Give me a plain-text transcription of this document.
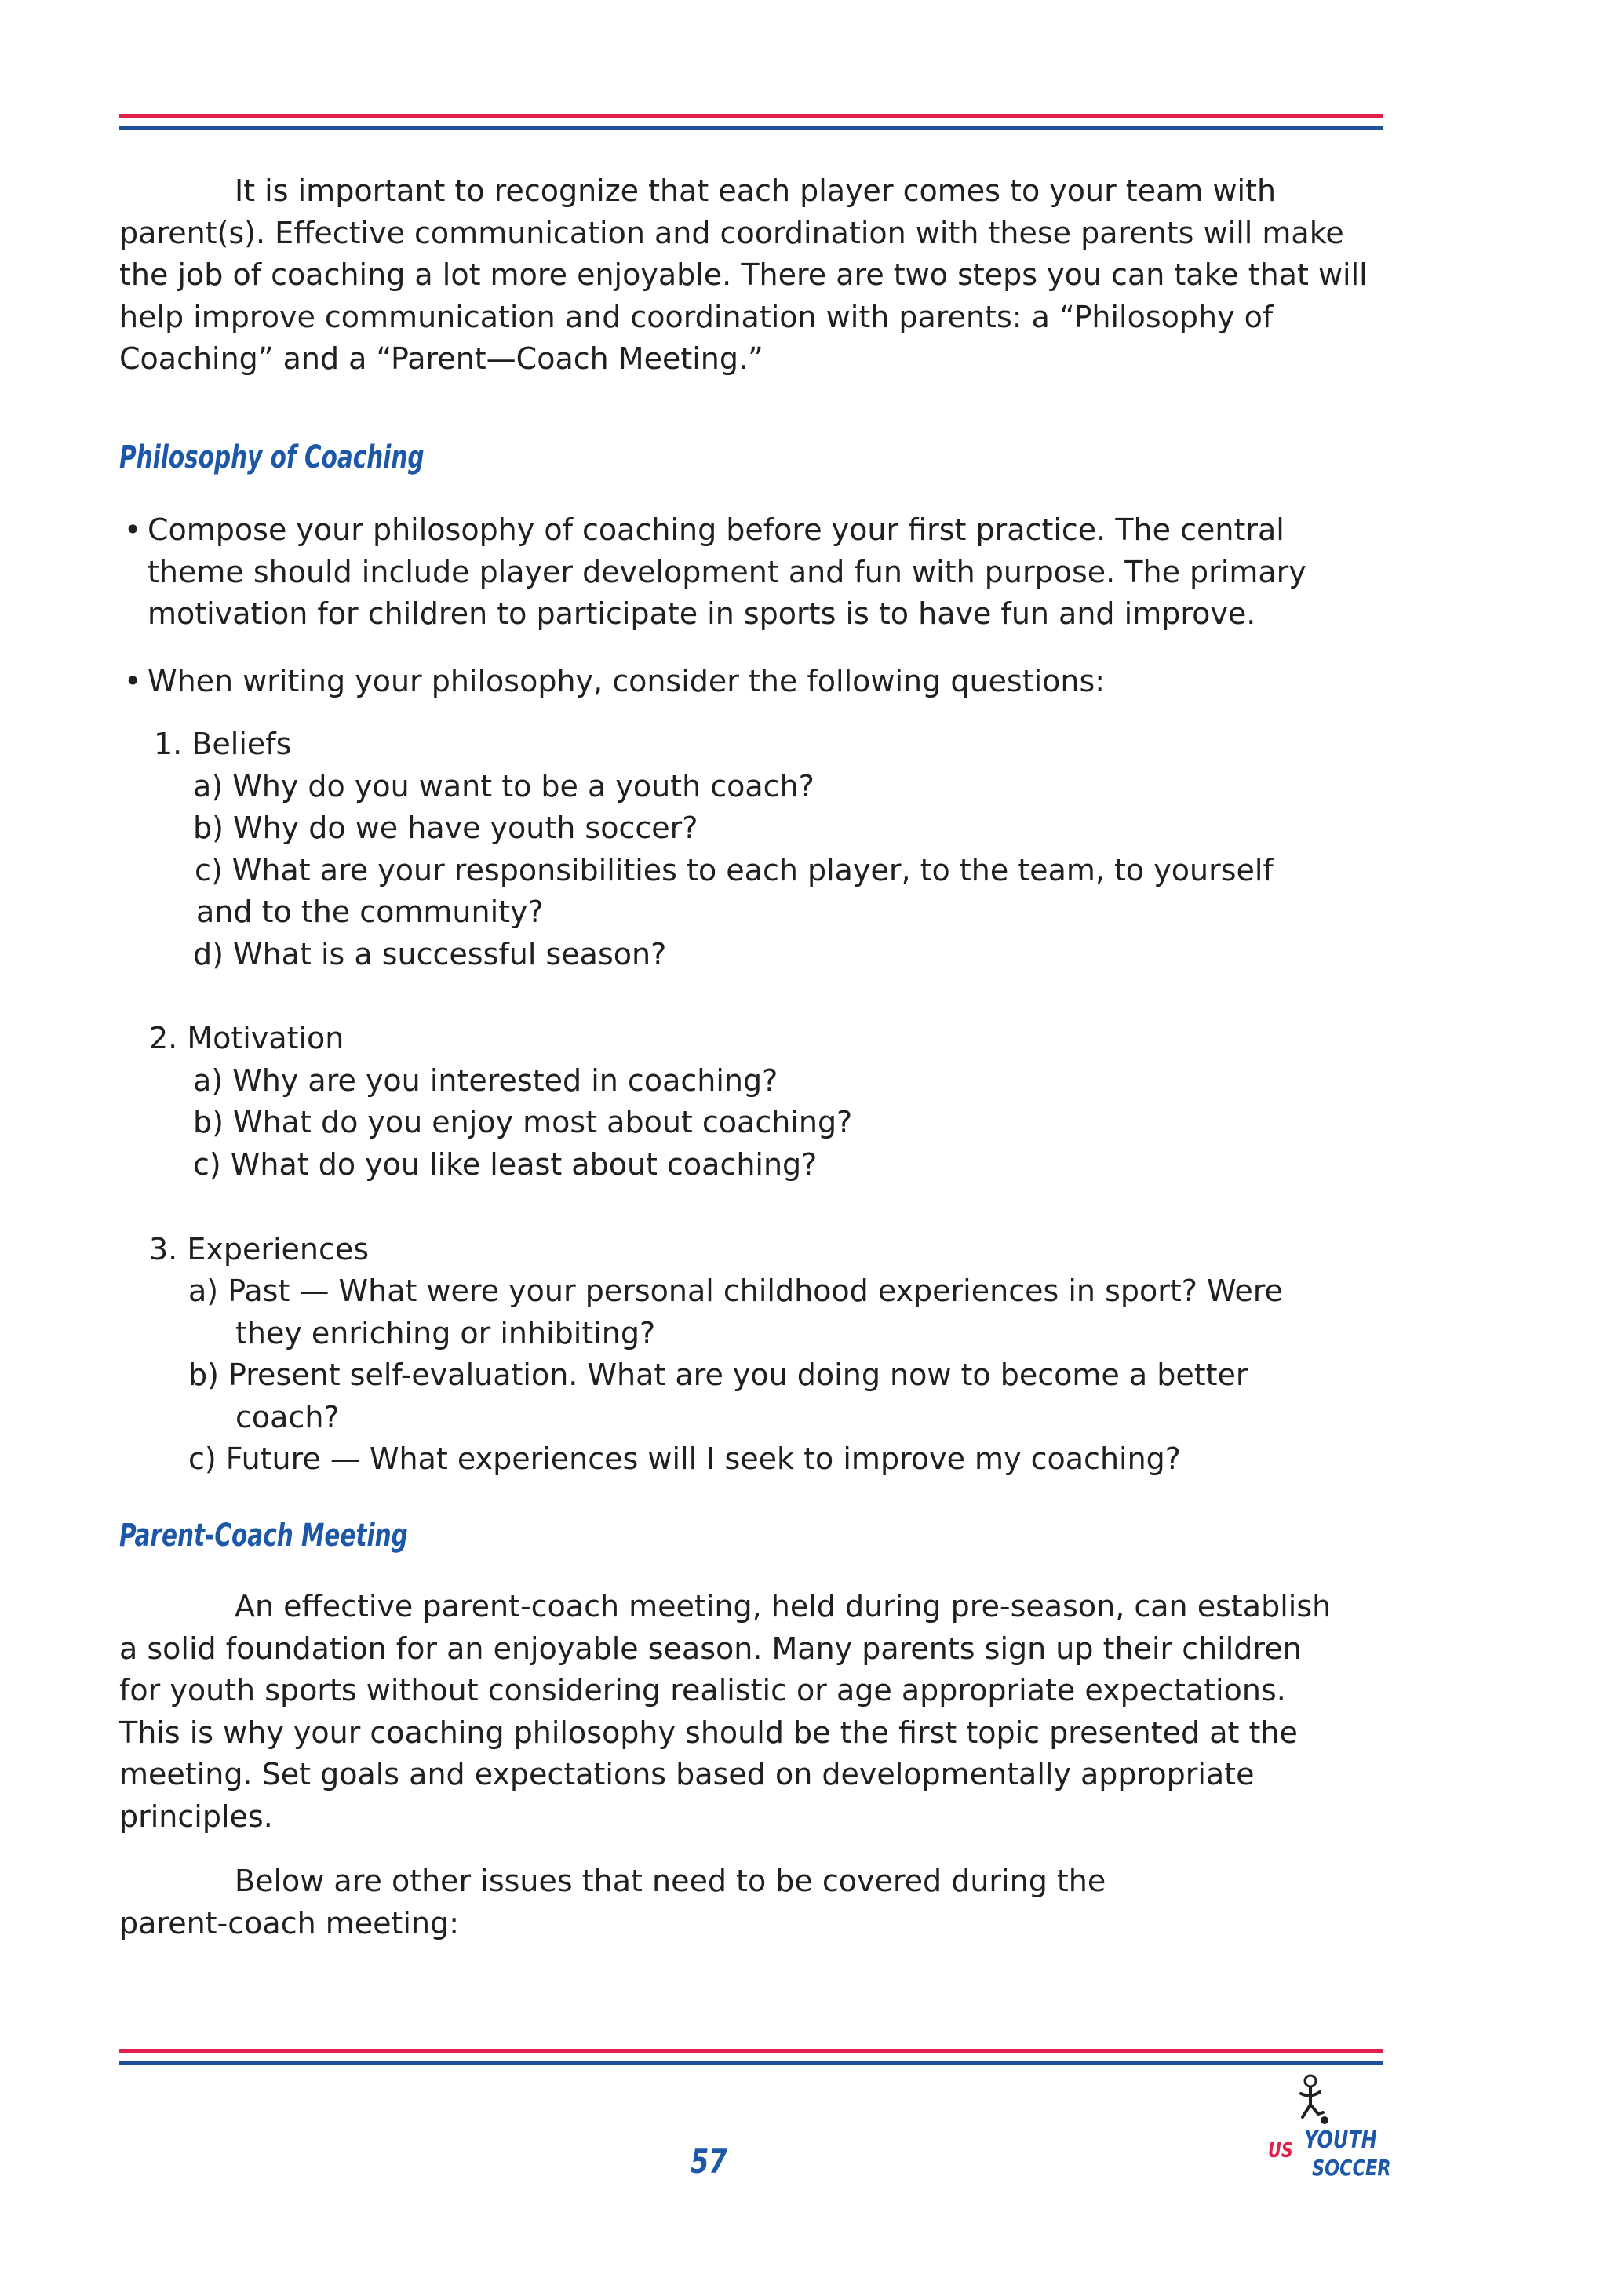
It is important to recognize that each player comes to your team with parent(s). Effective communication and coordination with these parents will make the job of coaching a lot more enjoyable. There are two steps you can take that will help improve communication and coordination with parents: a “Philosophy of Coaching” and a “Parent—Coach Meeting.”

Philosophy of Coaching
• Compose your philosophy of coaching before your first practice. The central theme should include player development and fun with purpose. The primary motivation for children to participate in sports is to have fun and improve.
• When writing your philosophy, consider the following questions:

1. Beliefs

a) Why do you want to be a youth coach?

b) Why do we have youth soccer?

c) What are your responsibilities to each player, to the team, to yourself

and to the community?

d) What is a successful season?

2. Motivation

a) Why are you interested in coaching?

b) What do you enjoy most about coaching?

c) What do you like least about coaching?

3. Experiences

a) Past — What were your personal childhood experiences in sport? Were

they enriching or inhibiting?

b) Present self-evaluation. What are you doing now to become a better

coach?

c) Future — What experiences will I seek to improve my coaching?

Parent-Coach Meeting

An effective parent-coach meeting, held during pre-season, can establish a solid foundation for an enjoyable season. Many parents sign up their children for youth sports without considering realistic or age appropriate expectations. This is why your coaching philosophy should be the first topic presented at the meeting. Set goals and expectations based on developmentally appropriate principles.

Below are other issues that need to be covered during the parent-coach meeting:

57	US YOUTH
SOCCER
